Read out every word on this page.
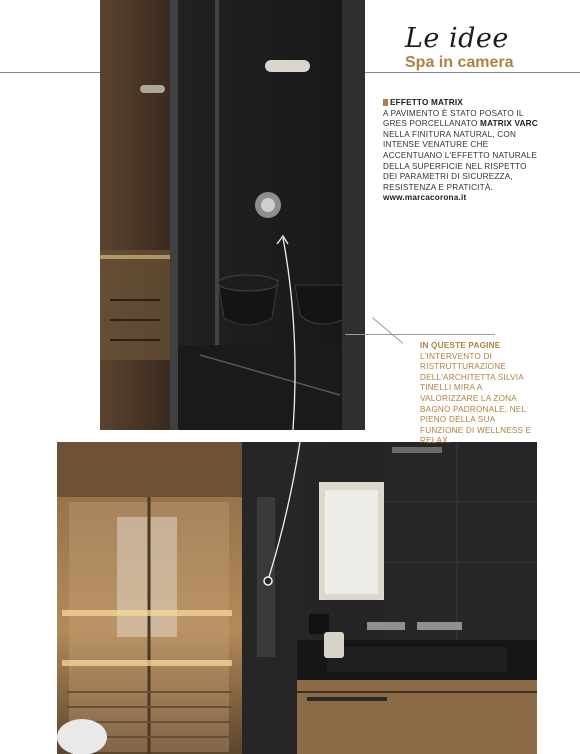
Le idee
Spa in camera

EFFETTO MATRIX
A PAVIMENTO È STATO POSATO IL GRES PORCELLANATO MATRIX VARC NELLA FINITURA NATURAL, CON INTENSE VENATURE CHE ACCENTUANO L'EFFETTO NATURALE DELLA SUPERFICIE NEL RISPETTO DEI PARAMETRI DI SICUREZZA, RESISTENZA E PRATICITÀ.
www.marcacorona.it

IN QUESTE PAGINE
L'INTERVENTO DI RISTRUTTURAZIONE DELL'ARCHITETTA SILVIA TINELLI MIRA A VALORIZZARE LA ZONA BAGNO PADRONALE, NEL PIENO DELLA SUA FUNZIONE DI WELLNESS E RELAX.
